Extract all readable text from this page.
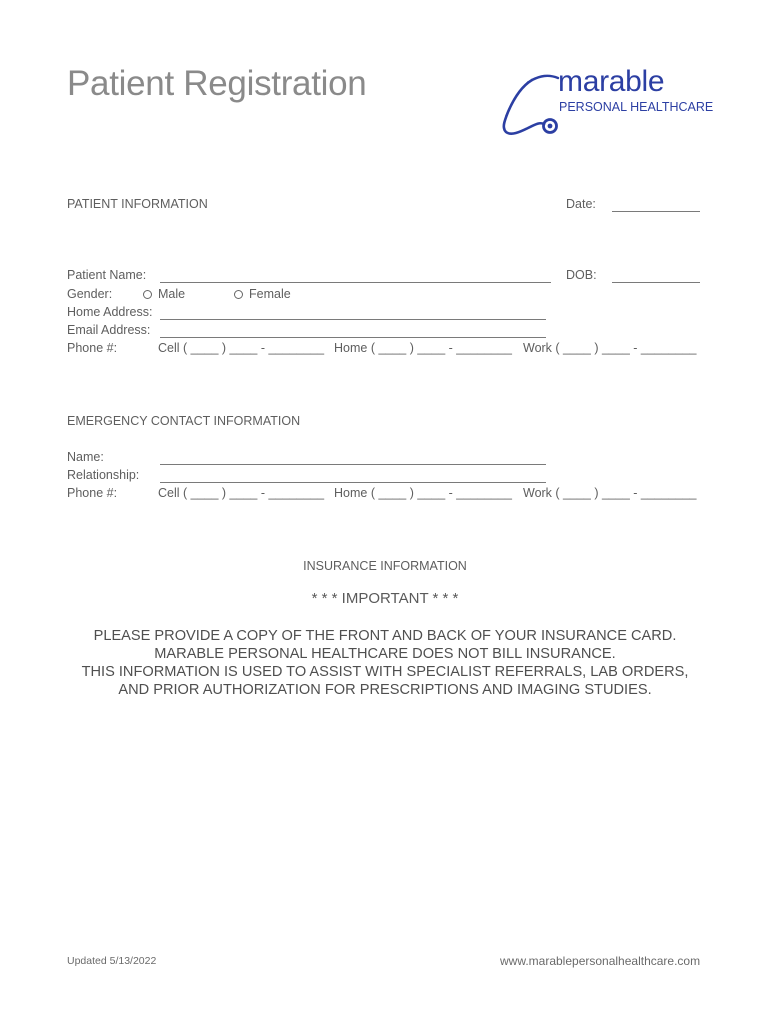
Patient Registration	marable
PERSONAL HEALTHCARE
PATIENT INFORMATION	Date:
Patient Name:	DOB:
Gender:	Male	Female
Home Address:
Email Address:
Phone #:	Cell ( ____ ) ____ - ________ Home ( ____ ) ____ - ________ Work ( ____ ) ____ - ________
EMERGENCY CONTACT INFORMATION
Name:
Relationship:
Phone #:	Cell ( ____ ) ____ - ________ Home ( ____ ) ____ - ________ Work ( ____ ) ____ - ________
INSURANCE INFORMATION
* * * IMPORTANT * * *
PLEASE PROVIDE A COPY OF THE FRONT AND BACK OF YOUR INSURANCE CARD.
MARABLE PERSONAL HEALTHCARE DOES NOT BILL INSURANCE.
THIS INFORMATION IS USED TO ASSIST WITH SPECIALIST REFERRALS, LAB ORDERS,
AND PRIOR AUTHORIZATION FOR PRESCRIPTIONS AND IMAGING STUDIES.
Updated 5/13/2022	www.marablepersonalhealthcare.com
